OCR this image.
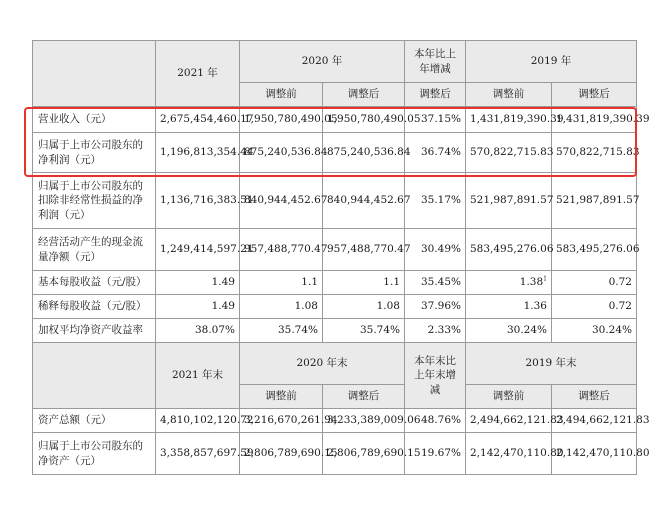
	2021 年	2020 年		本年比上年增减	2019 年	
		调整前	调整后	调整后	调整前	调整后
营业收入（元）	2,675,454,460.17	1,950,780,490.05	1,950,780,490.05	37.15%	1,431,819,390.39	1,431,819,390.39
归属于上市公司股东的净利润（元）	1,196,813,354.44	875,240,536.84	875,240,536.84	36.74%	570,822,715.83	570,822,715.83
归属于上市公司股东的扣除非经常性损益的净利润（元）	1,136,716,383.51	840,944,452.67	840,944,452.67	35.17%	521,987,891.57	521,987,891.57
经营活动产生的现金流量净额（元）	1,249,414,597.21	957,488,770.47	957,488,770.47	30.49%	583,495,276.06	583,495,276.06
基本每股收益（元/股）	1.49	1.1	1.1	35.45%	1.38$^1$	0.72
稀释每股收益（元/股）	1.49	1.08	1.08	37.96%	1.36	0.72
加权平均净资产收益率	38.07%	35.74%	35.74%	2.33%	30.24%	30.24%
	2021 年末	2020 年末		本年末比上年末增减	2019 年末	
		调整前	调整后		调整前	调整后
资产总额（元）	4,810,102,120.72	3,216,670,261.94	3,233,389,009.06	48.76%	2,494,662,121.83	2,494,662,121.83
归属于上市公司股东的净资产（元）	3,358,857,697.59	2,806,789,690.15	2,806,789,690.15	19.67%	2,142,470,110.80	2,142,470,110.80
